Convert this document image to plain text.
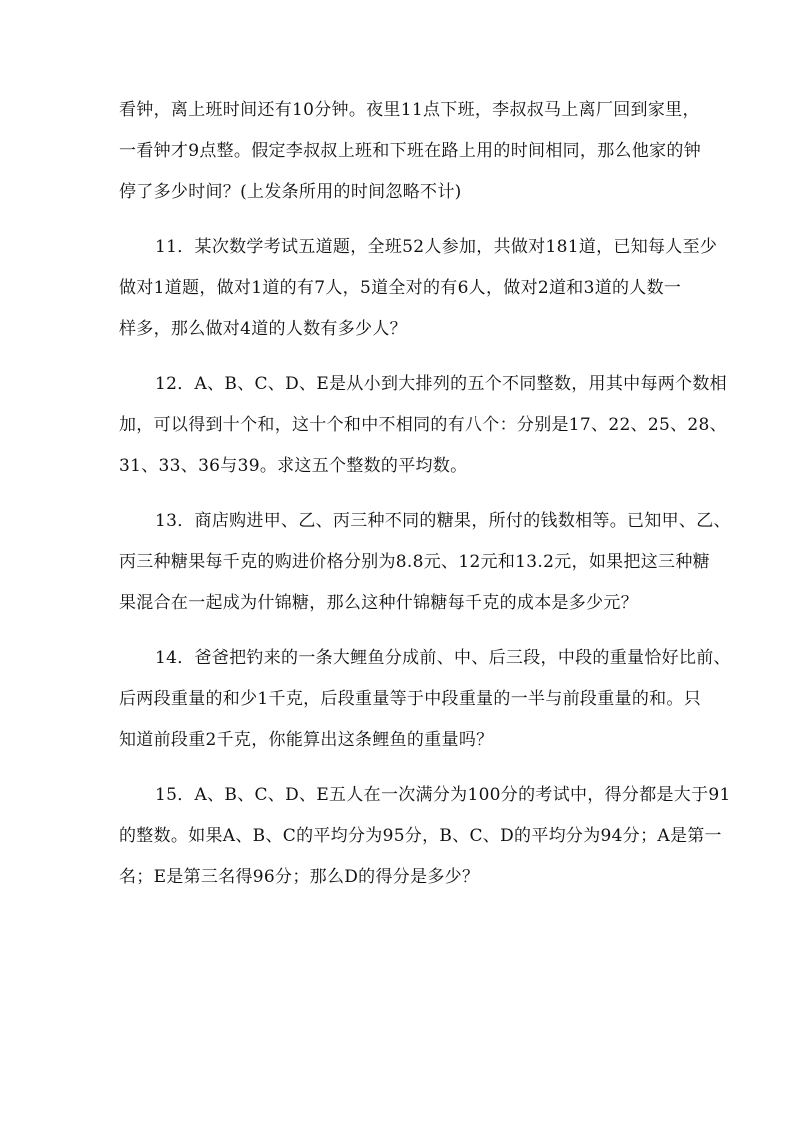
看钟，离上班时间还有10分钟。夜里11点下班，李叔叔马上离厂回到家里，
一看钟才9点整。假定李叔叔上班和下班在路上用的时间相同，那么他家的钟
停了多少时间？(上发条所用的时间忽略不计)

11．某次数学考试五道题，全班52人参加，共做对181道，已知每人至少
做对1道题，做对1道的有7人，5道全对的有6人，做对2道和3道的人数一
样多，那么做对4道的人数有多少人？

12．A、B、C、D、E是从小到大排列的五个不同整数，用其中每两个数相
加，可以得到十个和，这十个和中不相同的有八个：分别是17、22、25、28、
31、33、36与39。求这五个整数的平均数。

13．商店购进甲、乙、丙三种不同的糖果，所付的钱数相等。已知甲、乙、
丙三种糖果每千克的购进价格分别为8.8元、12元和13.2元，如果把这三种糖
果混合在一起成为什锦糖，那么这种什锦糖每千克的成本是多少元？

14．爸爸把钓来的一条大鲤鱼分成前、中、后三段，中段的重量恰好比前、
后两段重量的和少1千克，后段重量等于中段重量的一半与前段重量的和。只
知道前段重2千克，你能算出这条鲤鱼的重量吗？

15．A、B、C、D、E五人在一次满分为100分的考试中，得分都是大于91
的整数。如果A、B、C的平均分为95分，B、C、D的平均分为94分；A是第一
名；E是第三名得96分；那么D的得分是多少？
